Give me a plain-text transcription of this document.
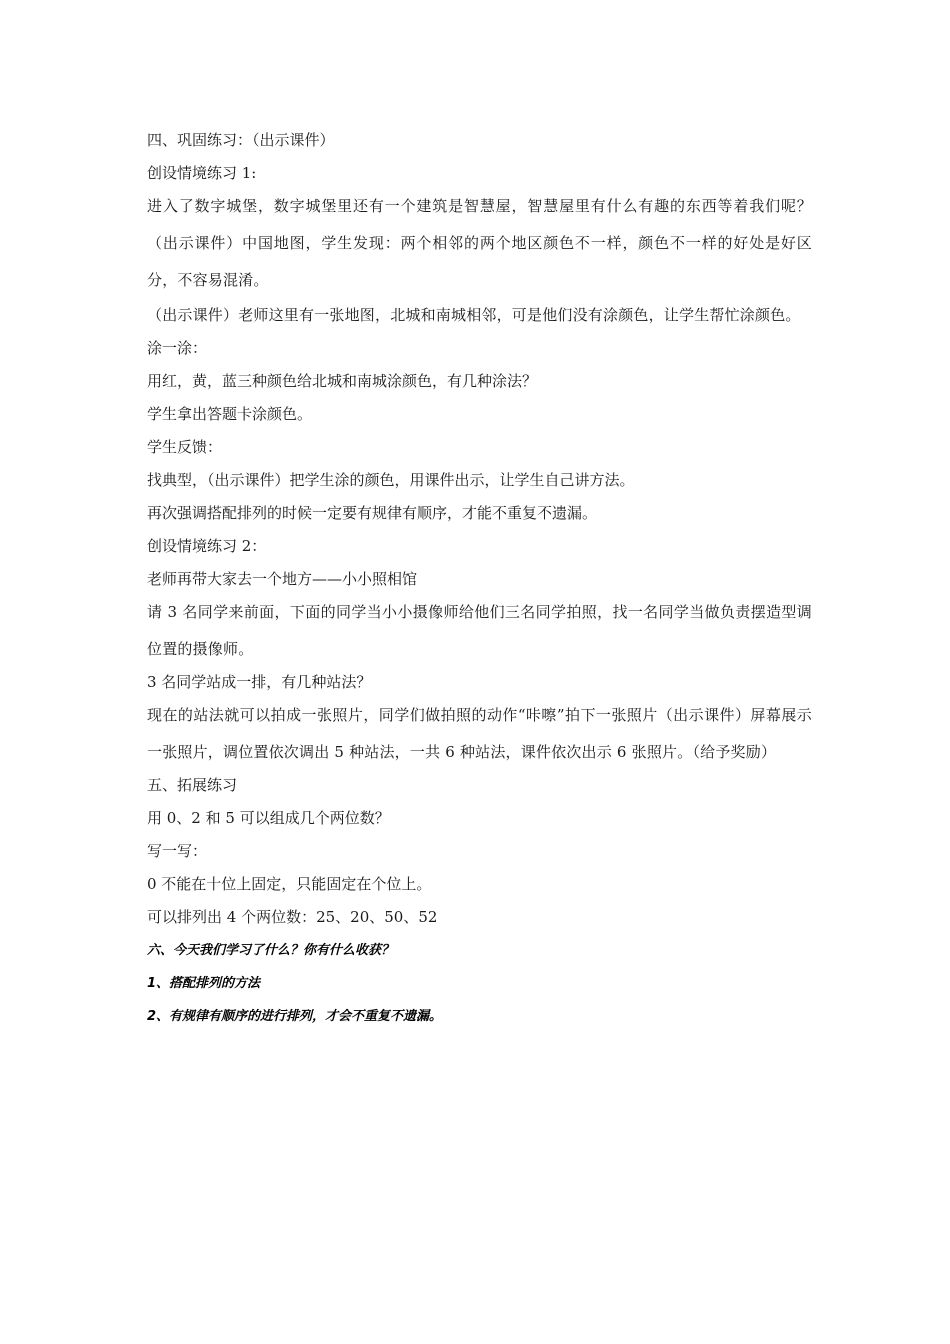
四、巩固练习：（出示课件）
创设情境练习 1:
进入了数字城堡，数字城堡里还有一个建筑是智慧屋，智慧屋里有什么有趣的东西等着我们呢？（出示课件）中国地图，学生发现：两个相邻的两个地区颜色不一样，颜色不一样的好处是好区分，不容易混淆。
（出示课件）老师这里有一张地图，北城和南城相邻，可是他们没有涂颜色，让学生帮忙涂颜色。
涂一涂：
用红，黄，蓝三种颜色给北城和南城涂颜色，有几种涂法？
学生拿出答题卡涂颜色。
学生反馈：
找典型，（出示课件）把学生涂的颜色，用课件出示，让学生自己讲方法。
再次强调搭配排列的时候一定要有规律有顺序，才能不重复不遗漏。
创设情境练习 2：
老师再带大家去一个地方——小小照相馆
请 3 名同学来前面，下面的同学当小小摄像师给他们三名同学拍照，找一名同学当做负责摆造型调位置的摄像师。
3 名同学站成一排，有几种站法？
现在的站法就可以拍成一张照片，同学们做拍照的动作“咔嚓”拍下一张照片（出示课件）屏幕展示一张照片，调位置依次调出 5 种站法，一共 6 种站法，课件依次出示 6 张照片。（给予奖励）
五、拓展练习
用 0、2 和 5 可以组成几个两位数？
写一写：
0 不能在十位上固定，只能固定在个位上。
可以排列出 4 个两位数：25、20、50、52
六、今天我们学习了什么？你有什么收获？
1、搭配排列的方法
2、有规律有顺序的进行排列，才会不重复不遗漏。
